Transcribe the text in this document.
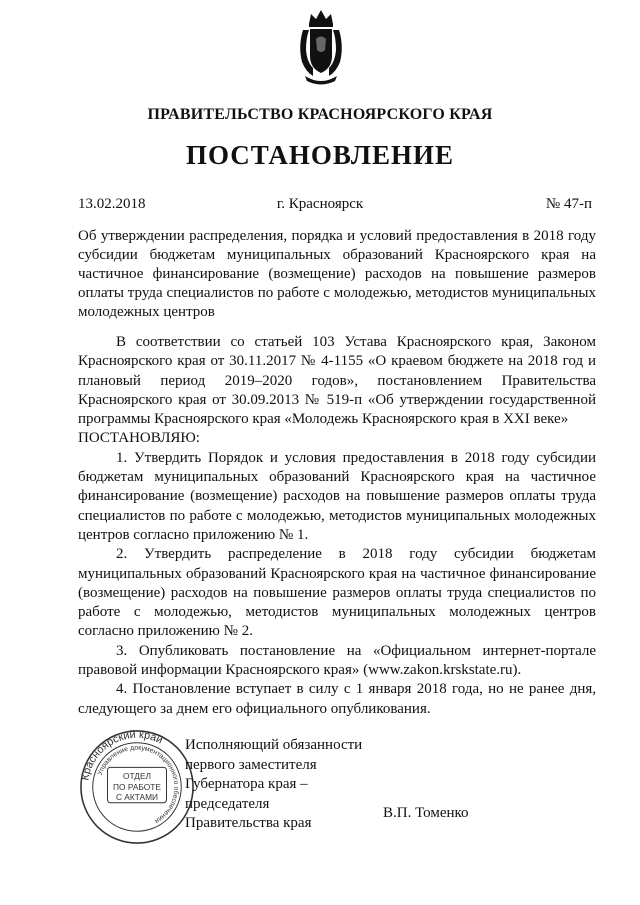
ПРАВИТЕЛЬСТВО КРАСНОЯРСКОГО КРАЯ
ПОСТАНОВЛЕНИЕ
13.02.2018	г. Красноярск	№ 47-п
Об утверждении распределения, порядка и условий предоставления в 2018 году субсидии бюджетам муниципальных образований Красноярского края на частичное финансирование (возмещение) расходов на повышение размеров оплаты труда специалистов по работе с молодежью, методистов муниципальных молодежных центров

В соответствии со статьей 103 Устава Красноярского края, Законом Красноярского края от 30.11.2017 № 4-1155 «О краевом бюджете на 2018 год и плановый период 2019–2020 годов», постановлением Правительства Красноярского края от 30.09.2013 № 519-п «Об утверждении государственной программы Красноярского края «Молодежь Красноярского края в XXI веке»

ПОСТАНОВЛЯЮ:

1. Утвердить Порядок и условия предоставления в 2018 году субсидии бюджетам муниципальных образований Красноярского края на частичное финансирование (возмещение) расходов на повышение размеров оплаты труда специалистов по работе с молодежью, методистов муниципальных молодежных центров согласно приложению № 1.

2. Утвердить распределение в 2018 году субсидии бюджетам муниципальных образований Красноярского края на частичное финансирование (возмещение) расходов на повышение размеров оплаты труда специалистов по работе с молодежью, методистов муниципальных молодежных центров согласно приложению № 2.

3. Опубликовать постановление на «Официальном интернет-портале правовой информации Красноярского края» (www.zakon.krskstate.ru).

4. Постановление вступает в силу с 1 января 2018 года, но не ранее дня, следующего за днем его официального опубликования.

Красноярский край
Управление документационного обеспечения
ОТДЕЛ
ПО РАБОТЕ
С АКТАМИ
Исполняющий обязанности
первого заместителя
Губернатора края –
председателя
Правительства края
В.П. Томенко
